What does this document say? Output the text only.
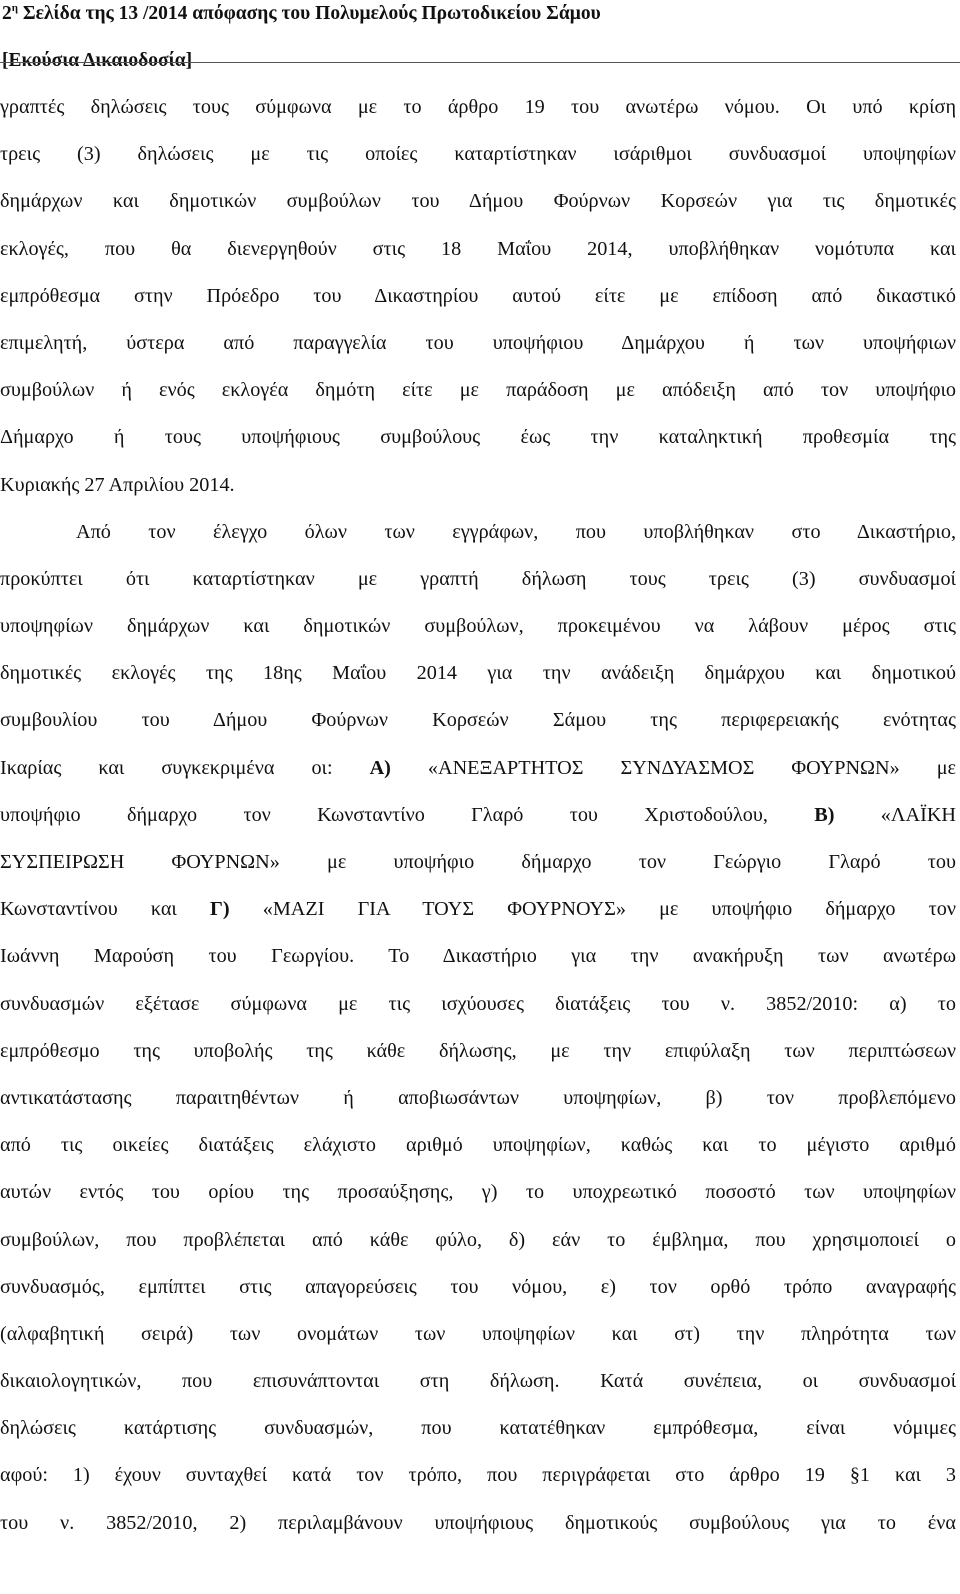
$2^\eta$ Σελίδα της 13 /2014 απόφασης του Πολυμελούς Πρωτοδικείου Σάμου
[Εκούσια Δικαιοδοσία]
γραπτές δηλώσεις τους σύμφωνα με το άρθρο 19 του ανωτέρω νόμου. Οι υπό κρίση
τρεις (3) δηλώσεις με τις οποίες καταρτίστηκαν ισάριθμοι συνδυασμοί υποψηφίων
δημάρχων και δημοτικών συμβούλων του Δήμου Φούρνων Κορσεών για τις δημοτικές
εκλογές, που θα διενεργηθούν στις 18 Μαΐου 2014, υποβλήθηκαν νομότυπα και
εμπρόθεσμα στην Πρόεδρο του Δικαστηρίου αυτού είτε με επίδοση από δικαστικό
επιμελητή, ύστερα από παραγγελία του υποψήφιου Δημάρχου ή των υποψήφιων
συμβούλων ή ενός εκλογέα δημότη είτε με παράδοση με απόδειξη από τον υποψήφιο
Δήμαρχο ή τους υποψήφιους συμβούλους έως την καταληκτική προθεσμία της
Κυριακής 27 Απριλίου 2014.
Από τον έλεγχο όλων των εγγράφων, που υποβλήθηκαν στο Δικαστήριο,
προκύπτει ότι καταρτίστηκαν με γραπτή δήλωση τους τρεις (3) συνδυασμοί
υποψηφίων δημάρχων και δημοτικών συμβούλων, προκειμένου να λάβουν μέρος στις
δημοτικές εκλογές της 18ης Μαΐου 2014 για την ανάδειξη δημάρχου και δημοτικού
συμβουλίου του Δήμου Φούρνων Κορσεών Σάμου της περιφερειακής ενότητας
Ικαρίας και συγκεκριμένα οι: Α) «ΑΝΕΞΑΡΤΗΤΟΣ ΣΥΝΔΥΑΣΜΟΣ ΦΟΥΡΝΩΝ» με
υποψήφιο δήμαρχο τον Κωνσταντίνο Γλαρό του Χριστοδούλου, Β) «ΛΑΪΚΗ
ΣΥΣΠΕΙΡΩΣΗ ΦΟΥΡΝΩΝ» με υποψήφιο δήμαρχο τον Γεώργιο Γλαρό του
Κωνσταντίνου και Γ) «ΜΑΖΙ ΓΙΑ ΤΟΥΣ ΦΟΥΡΝΟΥΣ» με υποψήφιο δήμαρχο τον
Ιωάννη Μαρούση του Γεωργίου. Το Δικαστήριο για την ανακήρυξη των ανωτέρω
συνδυασμών εξέτασε σύμφωνα με τις ισχύουσες διατάξεις του ν. 3852/2010: α) το
εμπρόθεσμο της υποβολής της κάθε δήλωσης, με την επιφύλαξη των περιπτώσεων
αντικατάστασης παραιτηθέντων ή αποβιωσάντων υποψηφίων, β) τον προβλεπόμενο
από τις οικείες διατάξεις ελάχιστο αριθμό υποψηφίων, καθώς και το μέγιστο αριθμό
αυτών εντός του ορίου της προσαύξησης, γ) το υποχρεωτικό ποσοστό των υποψηφίων
συμβούλων, που προβλέπεται από κάθε φύλο, δ) εάν το έμβλημα, που χρησιμοποιεί ο
συνδυασμός, εμπίπτει στις απαγορεύσεις του νόμου, ε) τον ορθό τρόπο αναγραφής
(αλφαβητική σειρά) των ονομάτων των υποψηφίων και στ) την πληρότητα των
δικαιολογητικών, που επισυνάπτονται στη δήλωση. Κατά συνέπεια, οι συνδυασμοί
δηλώσεις κατάρτισης συνδυασμών, που κατατέθηκαν εμπρόθεσμα, είναι νόμιμες
αφού: 1) έχουν συνταχθεί κατά τον τρόπο, που περιγράφεται στο άρθρο 19 §1 και 3
του ν. 3852/2010, 2) περιλαμβάνουν υποψήφιους δημοτικούς συμβούλους για το ένα
